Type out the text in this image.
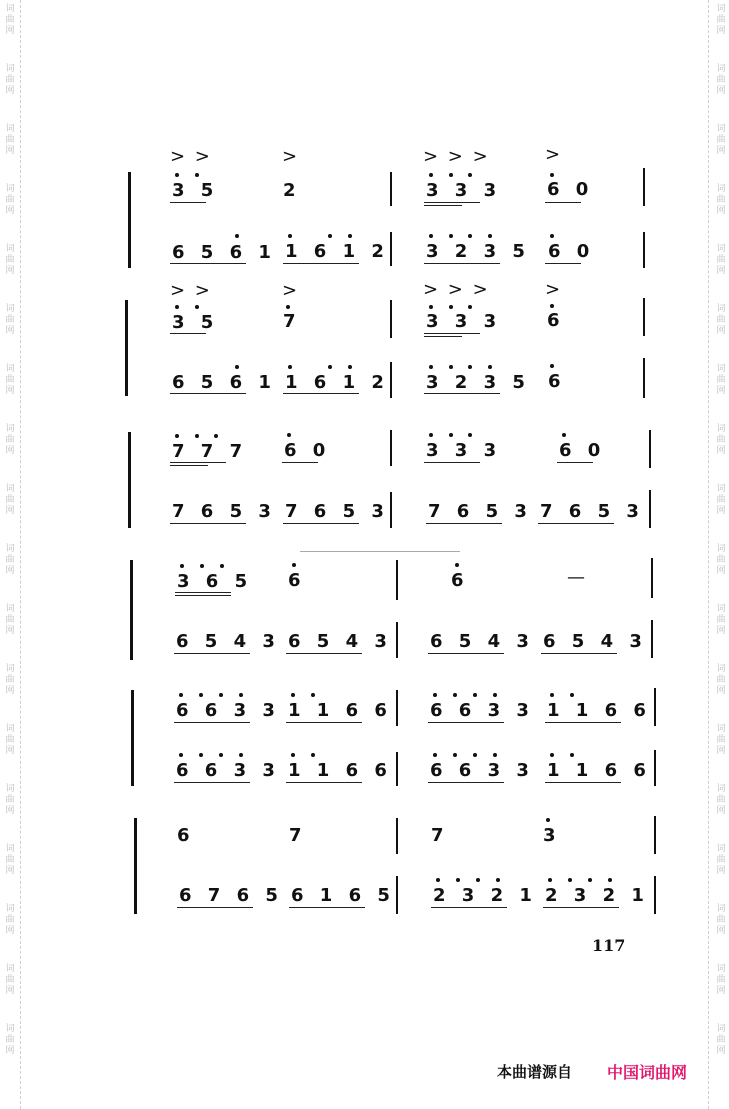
词
曲
网
词
曲
网
词
曲
网
词
曲
网
词
曲
网
词
曲
网
词
曲
网
词
曲
网
词
曲
网
词
曲
网
词
曲
网
词
曲
网
词
曲
网
词
曲
网
词
曲
网
词
曲
网
词
曲
网
词
曲
网
词
曲
网
词
曲
网
词
曲
网
词
曲
网
词
曲
网
词
曲
网
词
曲
网
词
曲
网
词
曲
网
词
曲
网
词
曲
网
词
曲
网
词
曲
网
词
曲
网
词
曲
网
词
曲
网
词
曲
网
词
曲
网
> >	>	> > >	>
3 5	2	3 3 3	6 0
6 5 6 1 1 6 1 2 3 2 3 5 6 0
> >	>	> > >	>
3 5	7	3 3 3	6
6 5 6 1 1 6 1 2 3 2 3 5 6
7 7 7 6 0	3 3 3	6 0
7 6 5 3 7 6 5 3 7 6 5 3 7 6 5 3
3 6 5 6	6	—
6 5 4 3 6 5 4 3 6 5 4 3 6 5 4 3
6 6 3 3 1 1 6 6 6 6 3 3 1 1 6 6
6 6 3 3 1 1 6 6 6 6 3 3 1 1 6 6
6	7	7	3
6 7 6 5 6 1 6 5 2 3 2 1 2 3 2 1
117
本曲谱源自 中国词曲网
